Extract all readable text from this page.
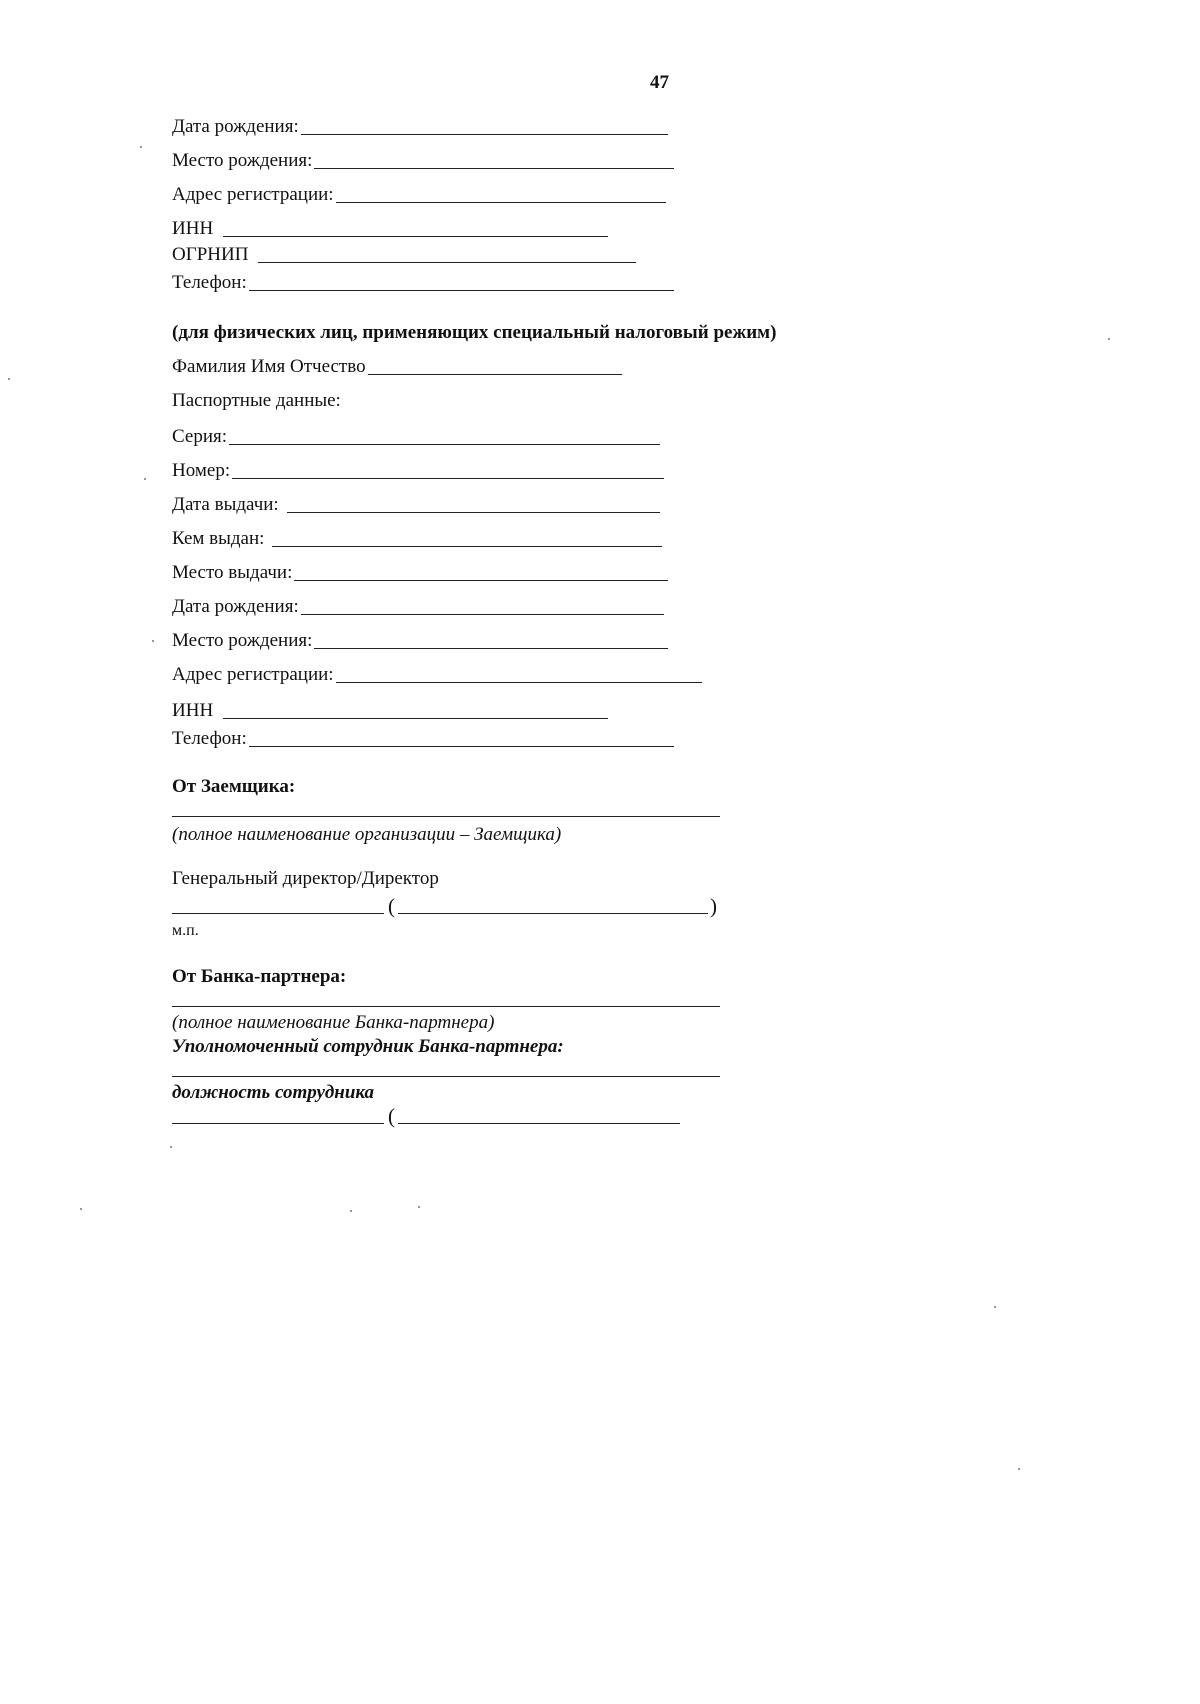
47
Дата рождения:
Место рождения:
Адрес регистрации:
ИНН
ОГРНИП
Телефон:
(для физических лиц, применяющих специальный налоговый режим)
Фамилия Имя Отчество
Паспортные данные:
Серия:
Номер:
Дата выдачи:
Кем выдан:
Место выдачи:
Дата рождения:
Место рождения:
Адрес регистрации:
ИНН
Телефон:
От Заемщика:
(полное наименование организации – Заемщика)
Генеральный директор/Директор
(	)
м.п.
От Банка-партнера:
(полное наименование Банка-партнера)
Уполномоченный сотрудник Банка-партнера:
должность сотрудника
(
